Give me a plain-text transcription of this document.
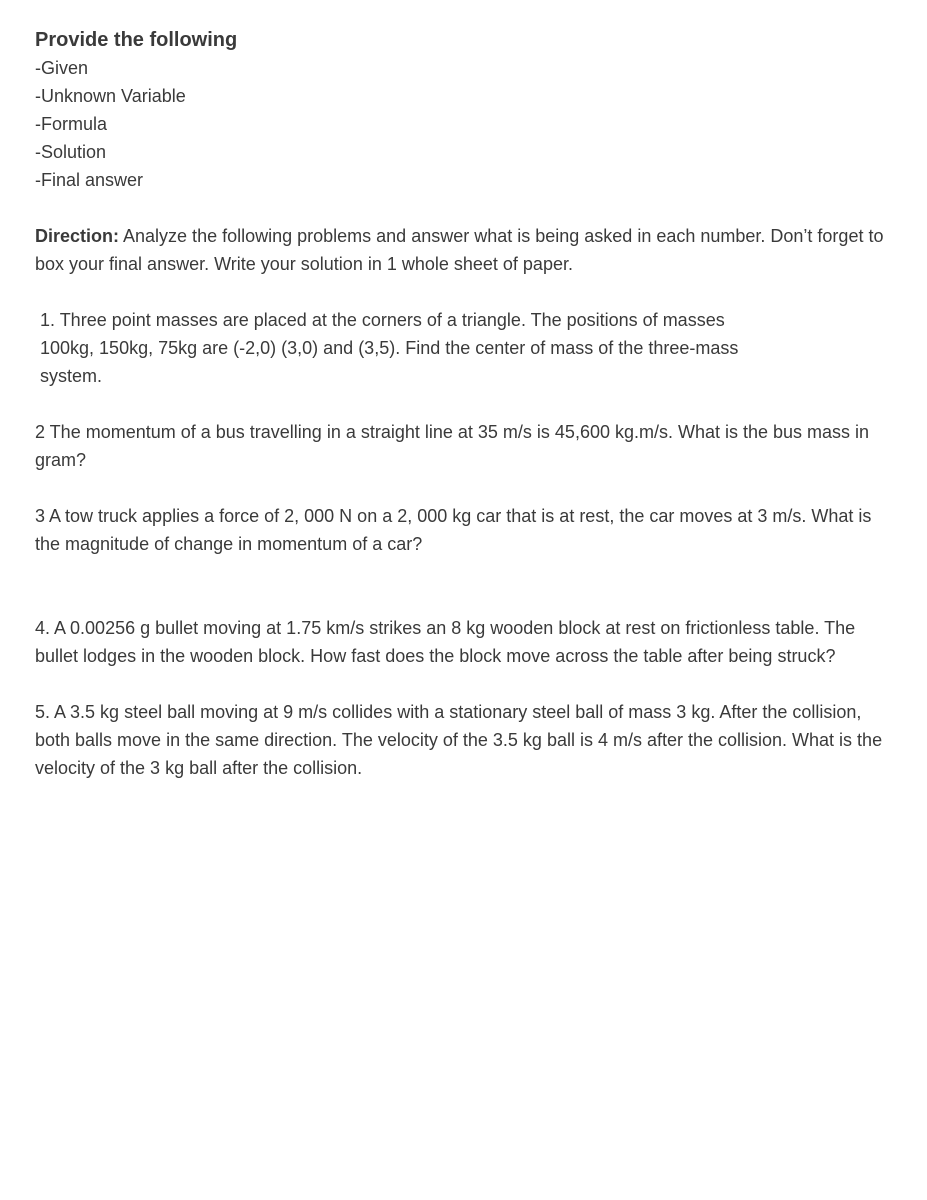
Provide the following
-Given
-Unknown Variable
-Formula
-Solution
-Final answer

Direction: Analyze the following problems and answer what is being asked in each number. Don’t forget to box your final answer. Write your solution in 1 whole sheet of paper.

1. Three point masses are placed at the corners of a triangle. The positions of masses 100kg, 150kg, 75kg are (-2,0) (3,0) and (3,5). Find the center of mass of the three-mass
system.

2 The momentum of a bus travelling in a straight line at 35 m/s is 45,600 kg.m/s. What is the bus mass in gram?

3 A tow truck applies a force of 2, 000 N on a 2, 000 kg car that is at rest, the car moves at 3 m/s. What is the magnitude of change in momentum of a car?

4. A 0.00256 g bullet moving at 1.75 km/s strikes an 8 kg wooden block at rest on frictionless table. The bullet lodges in the wooden block. How fast does the block move across the table after being struck?

5. A 3.5 kg steel ball moving at 9 m/s collides with a stationary steel ball of mass 3 kg. After the collision, both balls move in the same direction. The velocity of the 3.5 kg ball is 4 m/s after the collision. What is the velocity of the 3 kg ball after the collision.
